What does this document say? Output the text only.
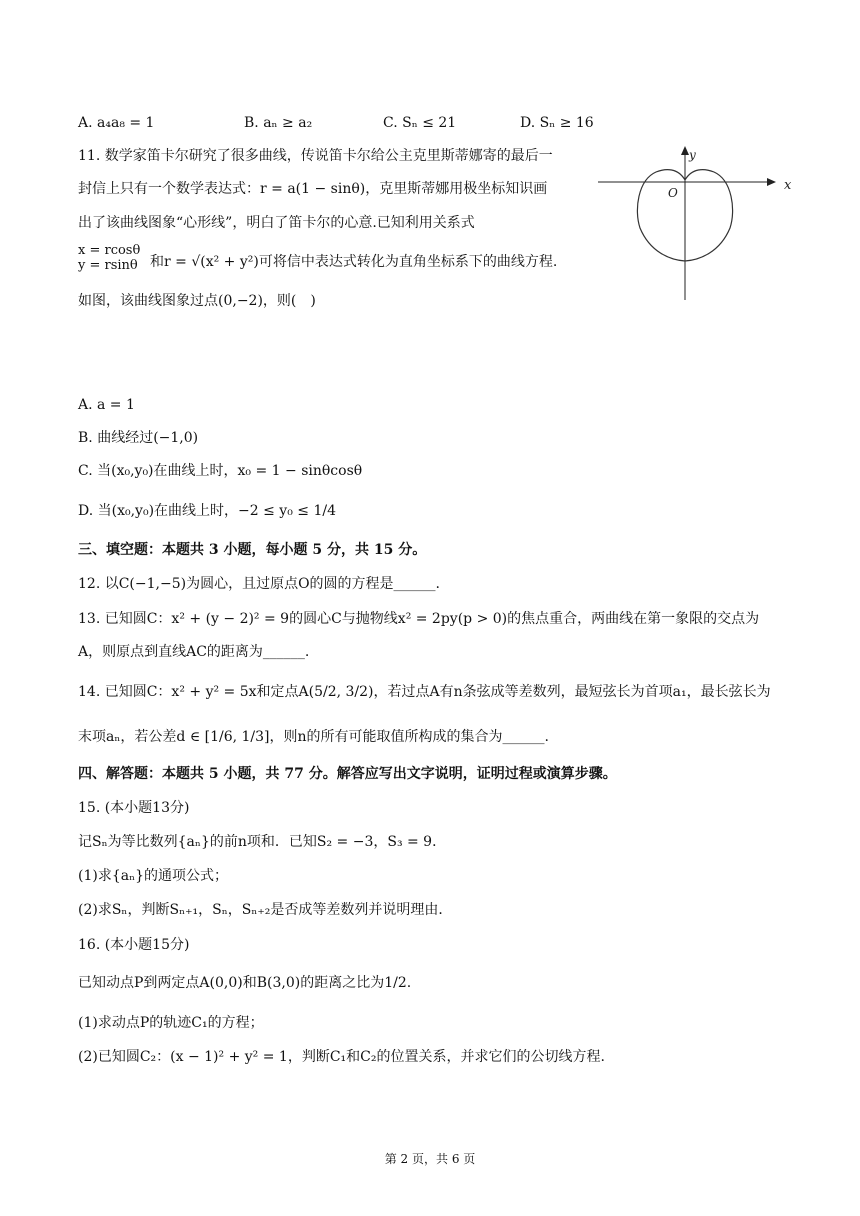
A. a₄a₈ = 1	B. aₙ ≥ a₂	C. Sₙ ≤ 21	D. Sₙ ≥ 16
11. 数学家笛卡尔研究了很多曲线，传说笛卡尔给公主克里斯蒂娜寄的最后一
封信上只有一个数学表达式：r = a(1 − sinθ)，克里斯蒂娜用极坐标知识画
出了该曲线图象“心形线”，明白了笛卡尔的心意.已知利用关系式
x = rcosθ
y = rsinθ 和r = √(x² + y²)可将信中表达式转化为直角坐标系下的曲线方程.
如图，该曲线图象过点(0,−2)，则(　)
x
y
O
A. a = 1
B. 曲线经过(−1,0)
C. 当(x₀,y₀)在曲线上时，x₀ = 1 − sinθcosθ
D. 当(x₀,y₀)在曲线上时，−2 ≤ y₀ ≤ 1/4
三、填空题：本题共 3 小题，每小题 5 分，共 15 分。
12. 以C(−1,−5)为圆心，且过原点O的圆的方程是______.
13. 已知圆C：x² + (y − 2)² = 9的圆心C与抛物线x² = 2py(p > 0)的焦点重合，两曲线在第一象限的交点为
A，则原点到直线AC的距离为______.
14. 已知圆C：x² + y² = 5x和定点A(5/2, 3/2)，若过点A有n条弦成等差数列，最短弦长为首项a₁，最长弦长为
末项aₙ，若公差d ∈ [1/6, 1/3]，则n的所有可能取值所构成的集合为______.
四、解答题：本题共 5 小题，共 77 分。解答应写出文字说明，证明过程或演算步骤。
15. (本小题13分)
记Sₙ为等比数列{aₙ}的前n项和．已知S₂ = −3，S₃ = 9．
(1)求{aₙ}的通项公式；
(2)求Sₙ，判断Sₙ₊₁，Sₙ，Sₙ₊₂是否成等差数列并说明理由．
16. (本小题15分)
已知动点P到两定点A(0,0)和B(3,0)的距离之比为1/2.
(1)求动点P的轨迹C₁的方程；
(2)已知圆C₂：(x − 1)² + y² = 1，判断C₁和C₂的位置关系，并求它们的公切线方程.
第 2 页，共 6 页
